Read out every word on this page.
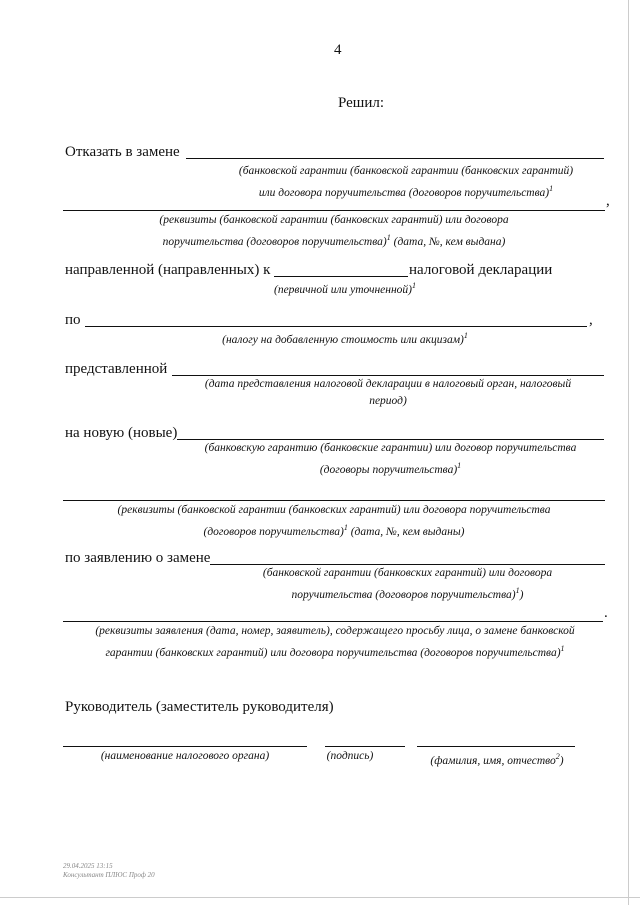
4
Решил:
Отказать в замене
(банковской гарантии (банковской гарантии (банковских гарантий)
или договора поручительства (договоров поручительства)$^1$
,
(реквизиты (банковской гарантии (банковских гарантий) или договора
поручительства (договоров поручительства)$^1$ (дата, №, кем выдана)
направленной (направленных) к	налоговой декларации
(первичной или уточненной)$^1$
по	,
(налогу на добавленную стоимость или акцизам)$^1$
представленной
(дата представления налоговой декларации в налоговый орган, налоговый
период)
на новую (новые)
(банковскую гарантию (банковские гарантии) или договор поручительства
(договоры поручительства)$^1$
(реквизиты (банковской гарантии (банковских гарантий) или договора поручительства
(договоров поручительства)$^1$ (дата, №, кем выданы)
по заявлению о замене
(банковской гарантии (банковских гарантий) или договора
поручительства (договоров поручительства)$^1$)
.
(реквизиты заявления (дата, номер, заявитель), содержащего просьбу лица, о замене банковской
гарантии (банковских гарантий) или договора поручительства (договоров поручительства)$^1$
Руководитель (заместитель руководителя)
(наименование налогового органа)	(подпись)	(фамилия, имя, отчество$^2$)
29.04.2025 13:15
Консультант ПЛЮС Проф 20
